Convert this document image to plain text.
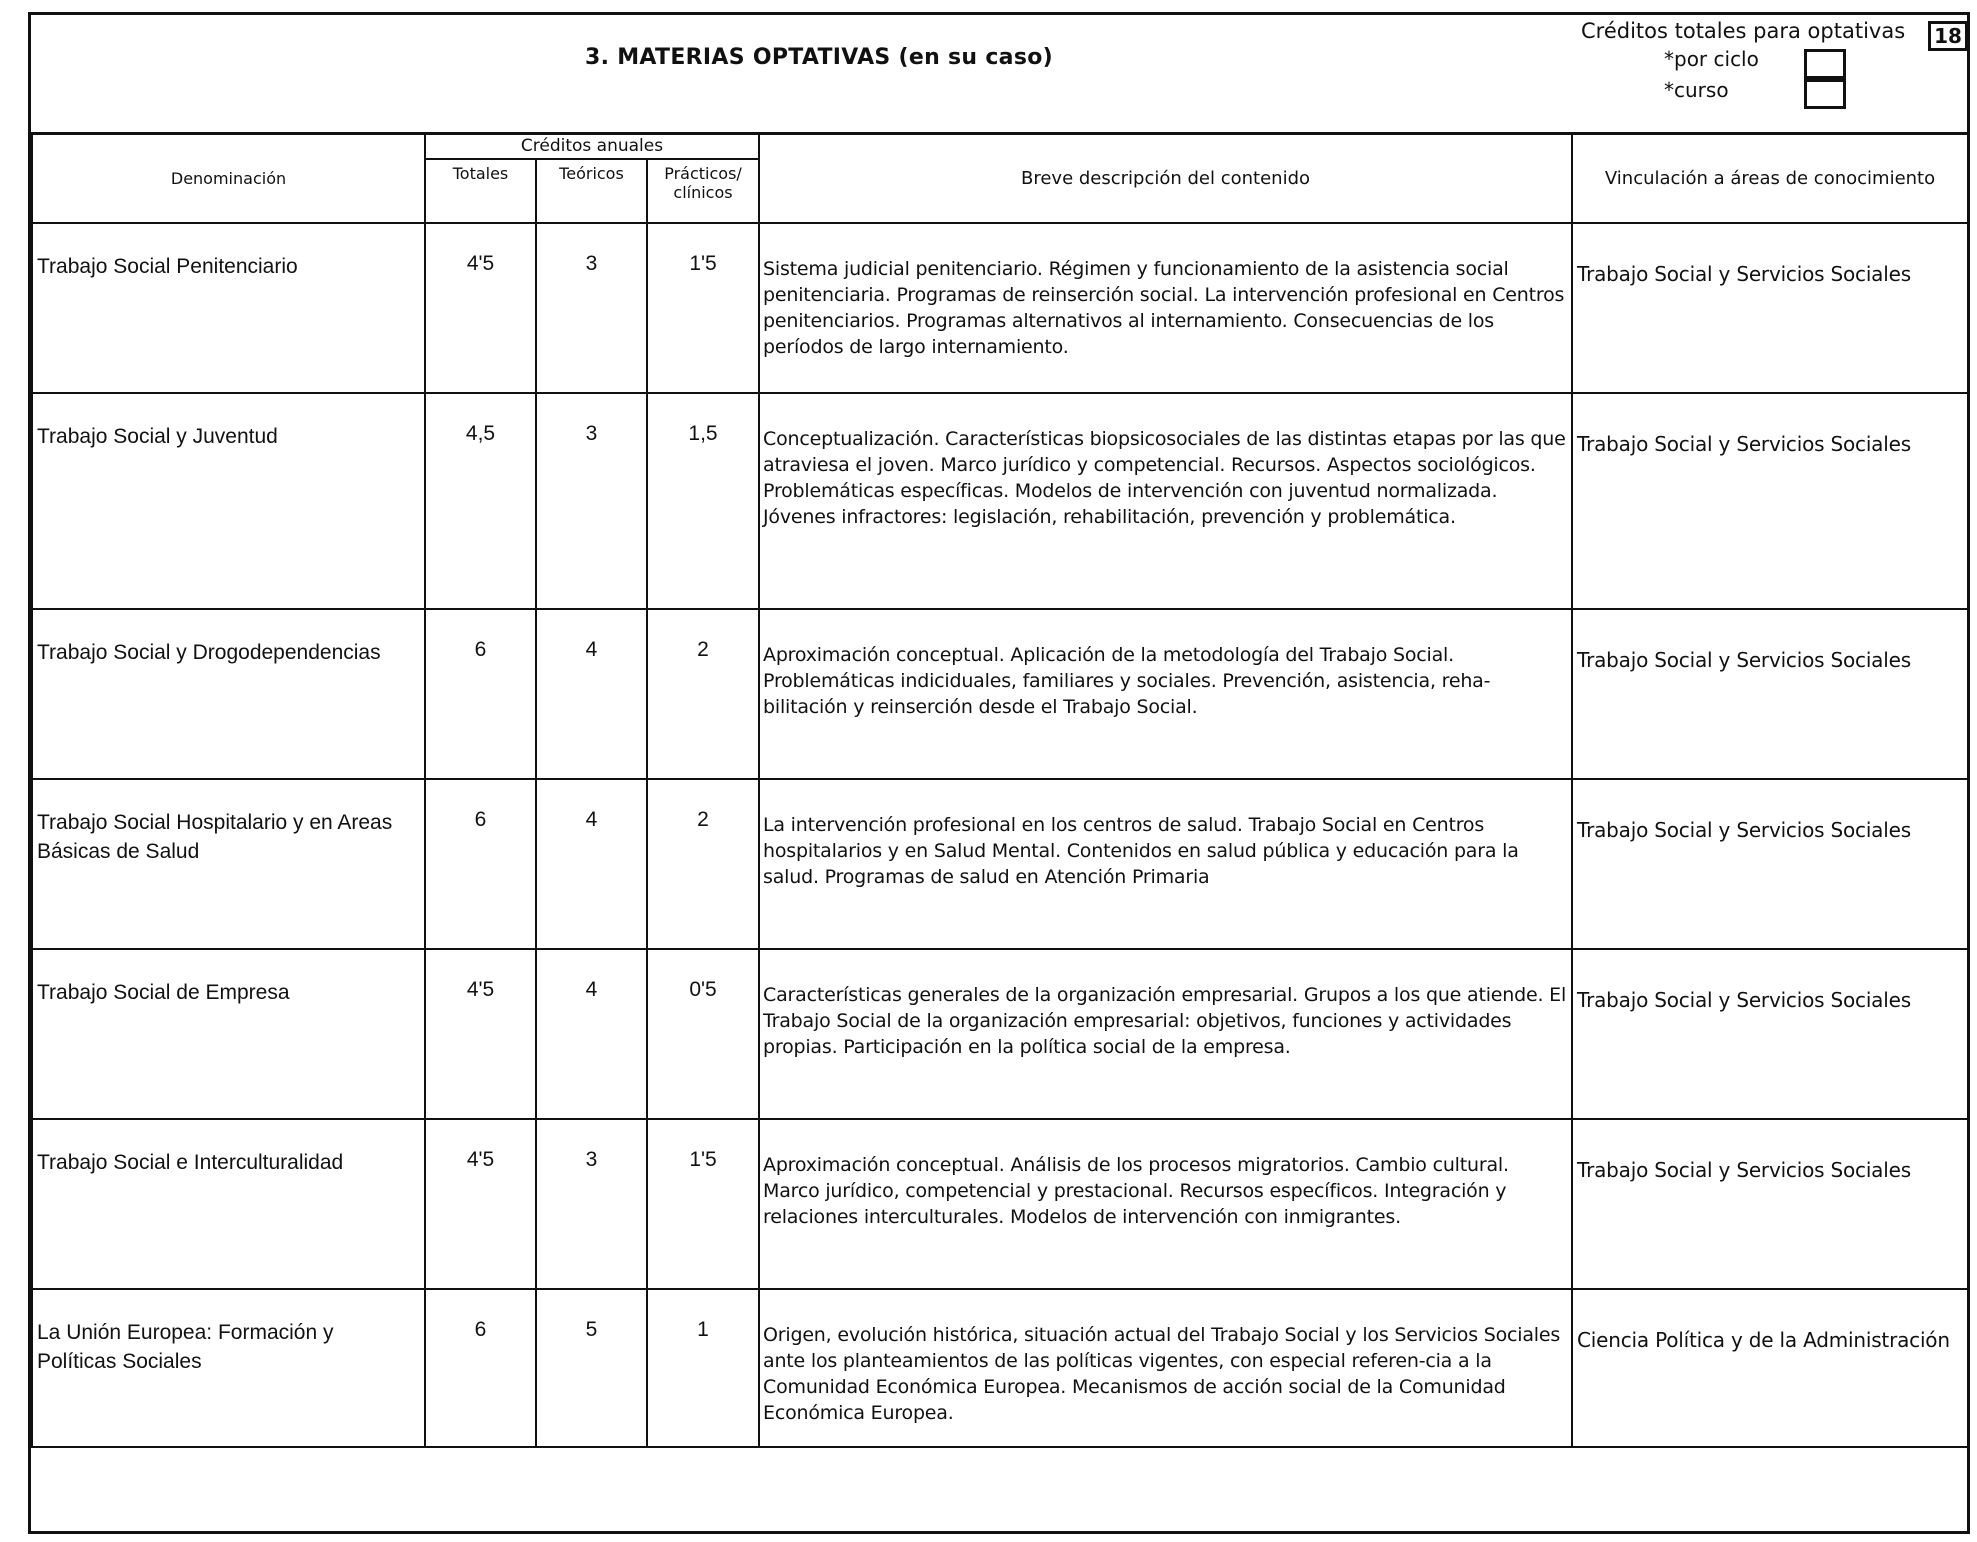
3. MATERIAS OPTATIVAS (en su caso)
Créditos totales para optativas	18
*por ciclo
*curso
Denominación	Créditos anuales			Breve descripción del contenido	Vinculación a áreas de conocimiento
	Totales	Teóricos	Prácticos/ clínicos		
Trabajo Social Penitenciario	4'5	3	1'5	Sistema judicial penitenciario. Régimen y funcionamiento de la asistencia social penitenciaria. Programas de reinserción social. La intervención profesional en Centros penitenciarios. Programas alternativos al internamiento. Consecuencias de los períodos de largo internamiento.	Trabajo Social y Servicios Sociales
Trabajo Social y Juventud	4,5	3	1,5	Conceptualización. Características biopsicosociales de las distintas etapas por las que atraviesa el joven. Marco jurídico y competencial. Recursos. Aspectos sociológicos. Problemáticas específicas. Modelos de intervención con juventud normalizada. Jóvenes infractores: legislación, rehabilitación, prevención y problemática.	Trabajo Social y Servicios Sociales
Trabajo Social y Drogodependencias	6	4	2	Aproximación conceptual. Aplicación de la metodología del Trabajo Social. Problemáticas indiciduales, familiares y sociales. Prevención, asistencia, reha-bilitación y reinserción desde el Trabajo Social.	Trabajo Social y Servicios Sociales
Trabajo Social Hospitalario y en Areas Básicas de Salud	6	4	2	La intervención profesional en los centros de salud. Trabajo Social en Centros hospitalarios y en Salud Mental. Contenidos en salud pública y educación para la salud. Programas de salud en Atención Primaria	Trabajo Social y Servicios Sociales
Trabajo Social de Empresa	4'5	4	0'5	Características generales de la organización empresarial. Grupos a los que atiende. El Trabajo Social de la organización empresarial: objetivos, funciones y actividades propias. Participación en la política social de la empresa.	Trabajo Social y Servicios Sociales
Trabajo Social e Interculturalidad	4'5	3	1'5	Aproximación conceptual. Análisis de los procesos migratorios. Cambio cultural. Marco jurídico, competencial y prestacional. Recursos específicos. Integración y relaciones interculturales. Modelos de intervención con inmigrantes.	Trabajo Social y Servicios Sociales
La Unión Europea: Formación y Políticas Sociales	6	5	1	Origen, evolución histórica, situación actual del Trabajo Social y los Servicios Sociales ante los planteamientos de las políticas vigentes, con especial referen-cia a la Comunidad Económica Europea. Mecanismos de acción social de la Comunidad Económica Europea.	Ciencia Política y de la Administración
